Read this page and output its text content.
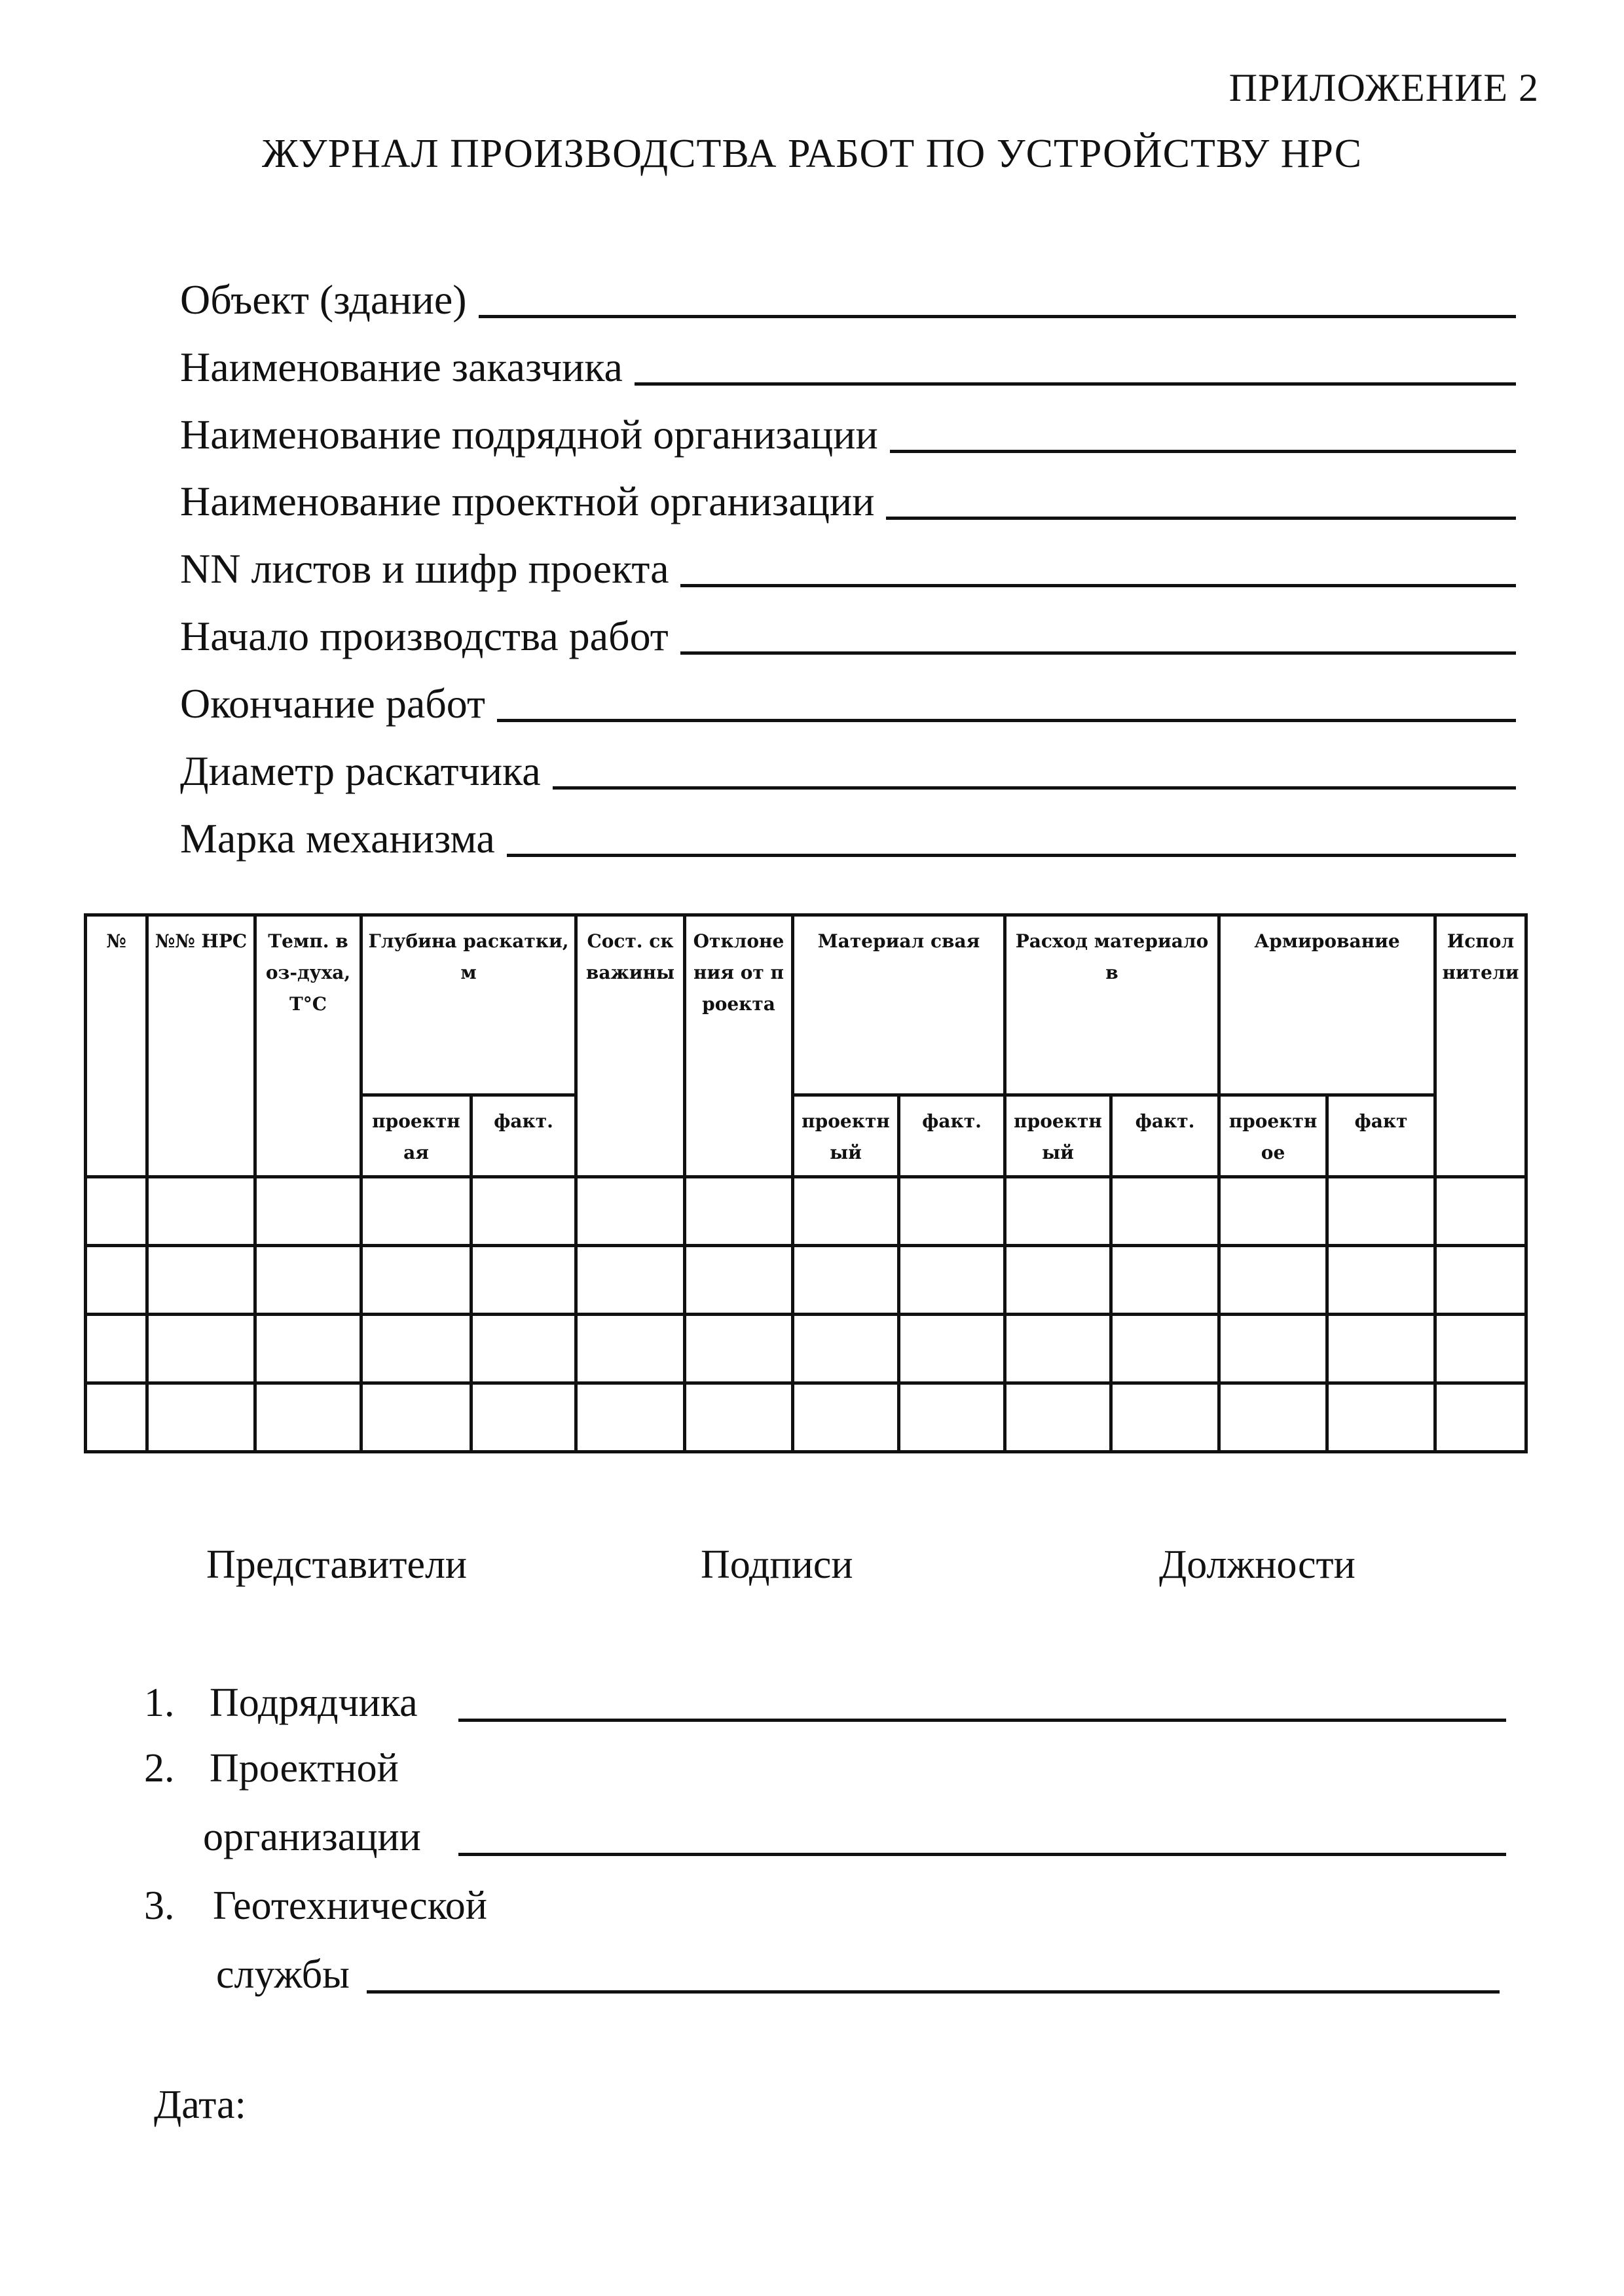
ПРИЛОЖЕНИЕ 2
ЖУРНАЛ ПРОИЗВОДСТВА РАБОТ ПО УСТРОЙСТВУ НРС
Объект (здание)
Наименование заказчика
Наименование подрядной организации
Наименование проектной организации
NN листов и шифр проекта
Начало производства работ
Окончание работ
Диаметр раскатчика
Марка механизма
№	№№ НРС	Темп. воз-духа, Т°С	Глубина раскатки, м		Сост. скважины	Отклонения от проекта	Материал свая		Расход материалов		Армирование		Исполнители

			проектная	факт.			проектный	факт.	проектный	факт.	проектное	факт	

Представители	Подписи	Должности
1. Подрядчика
2. Проектной
организации
3. Геотехнической
службы
Дата:
